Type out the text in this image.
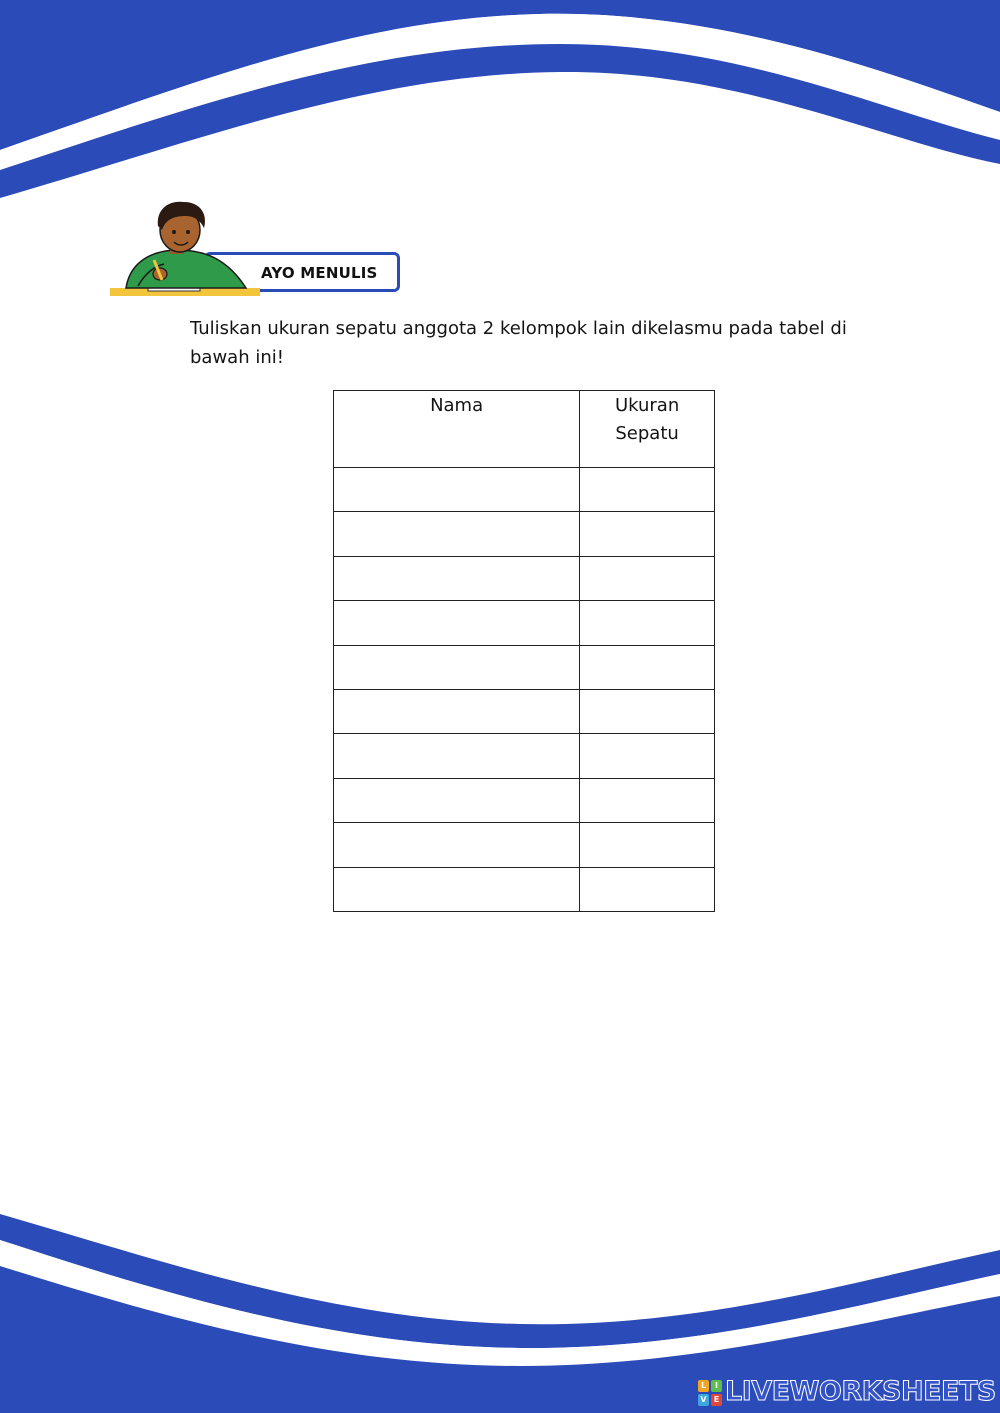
AYO MENULIS
Tuliskan ukuran sepatu anggota 2 kelompok lain dikelasmu pada tabel di bawah ini!
Nama	Ukuran Sepatu

L	I
V E LIVEWORKSHEETS
